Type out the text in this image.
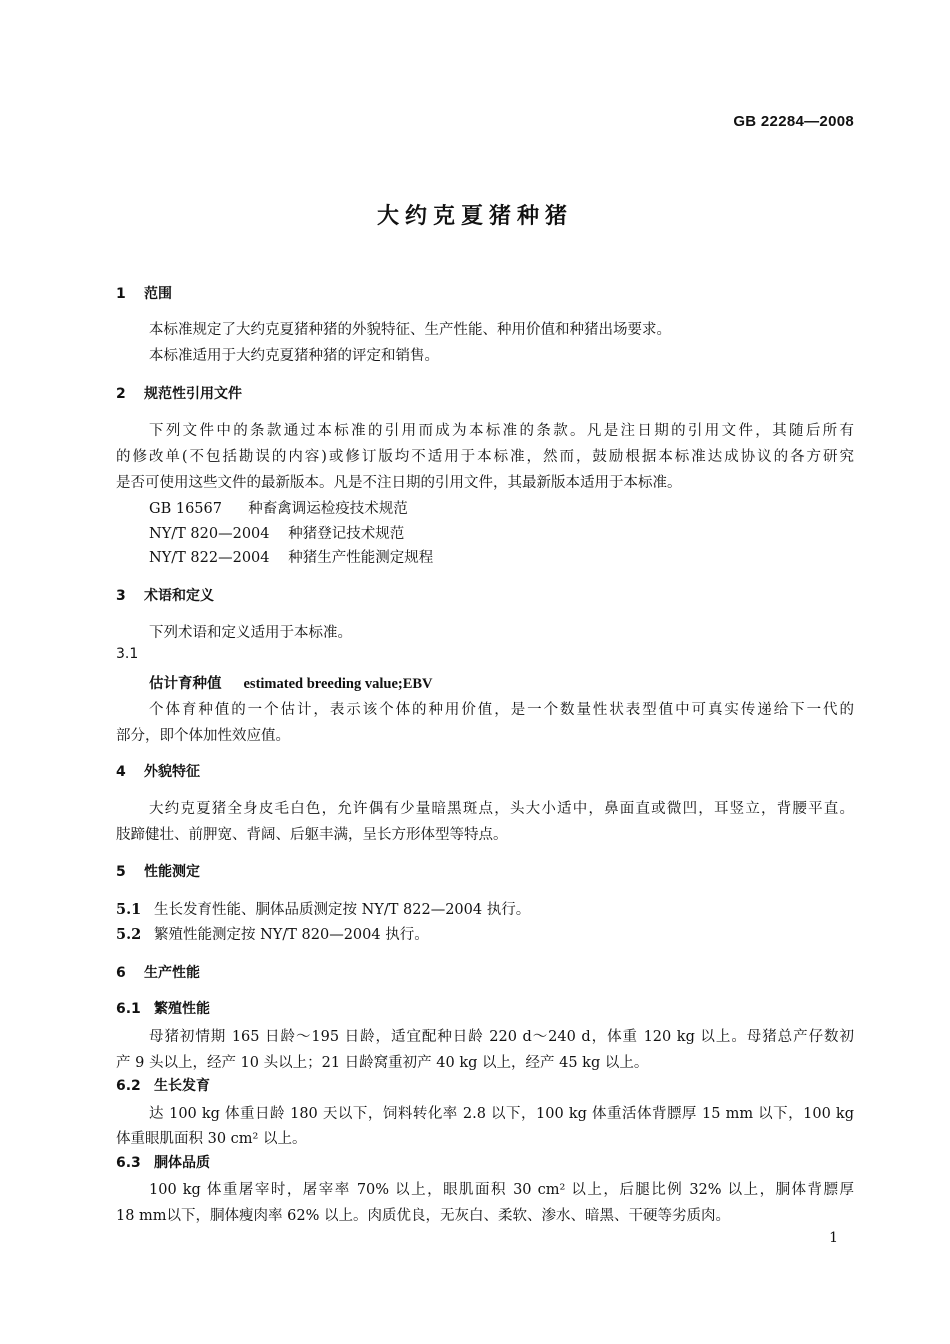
GB 22284—2008
大约克夏猪种猪
1 范围
本标准规定了大约克夏猪种猪的外貌特征、生产性能、种用价值和种猪出场要求。
本标准适用于大约克夏猪种猪的评定和销售。
2 规范性引用文件
下列文件中的条款通过本标准的引用而成为本标准的条款。凡是注日期的引用文件，其随后所有
的修改单(不包括勘误的内容)或修订版均不适用于本标准，然而，鼓励根据本标准达成协议的各方研究
是否可使用这些文件的最新版本。凡是不注日期的引用文件，其最新版本适用于本标准。
GB 16567 种畜禽调运检疫技术规范
NY/T 820—2004 种猪登记技术规范
NY/T 822—2004 种猪生产性能测定规程
3 术语和定义
下列术语和定义适用于本标准。
3.1
估计育种值 estimated breeding value;EBV
个体育种值的一个估计，表示该个体的种用价值，是一个数量性状表型值中可真实传递给下一代的
部分，即个体加性效应值。
4 外貌特征
大约克夏猪全身皮毛白色，允许偶有少量暗黑斑点，头大小适中，鼻面直或微凹，耳竖立，背腰平直。
肢蹄健壮、前胛宽、背阔、后躯丰满，呈长方形体型等特点。
5 性能测定
5.1 生长发育性能、胴体品质测定按 NY/T 822—2004 执行。
5.2 繁殖性能测定按 NY/T 820—2004 执行。
6 生产性能
6.1 繁殖性能
母猪初情期 165 日龄～195 日龄，适宜配种日龄 220 d～240 d，体重 120 kg 以上。母猪总产仔数初
产 9 头以上，经产 10 头以上；21 日龄窝重初产 40 kg 以上，经产 45 kg 以上。
6.2 生长发育
达 100 kg 体重日龄 180 天以下，饲料转化率 2.8 以下，100 kg 体重活体背膘厚 15 mm 以下，100 kg
体重眼肌面积 30 cm² 以上。
6.3 胴体品质
100 kg 体重屠宰时，屠宰率 70% 以上，眼肌面积 30 cm² 以上，后腿比例 32% 以上，胴体背膘厚
18 mm以下，胴体瘦肉率 62% 以上。肉质优良，无灰白、柔软、渗水、暗黑、干硬等劣质肉。
1
